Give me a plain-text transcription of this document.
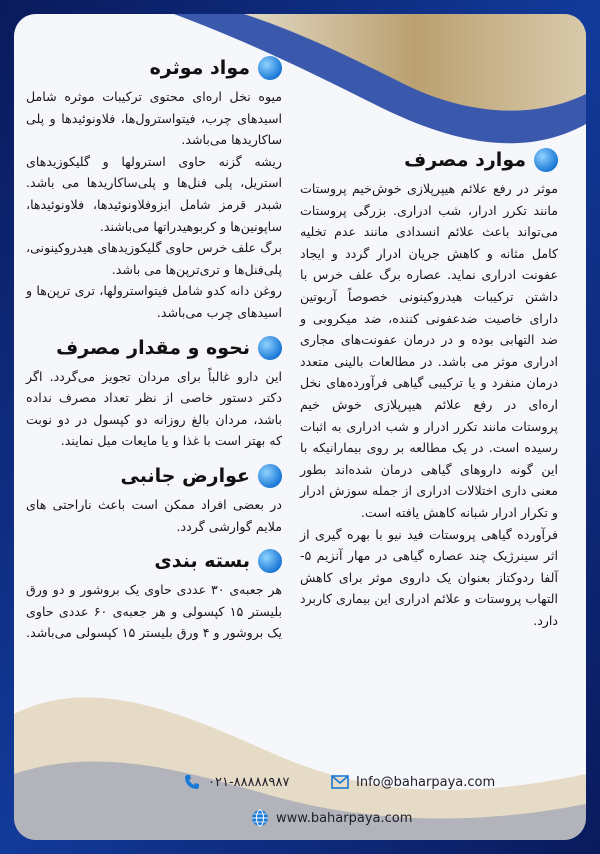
مواد موثره

میوه نخل اره‌ای محتوی ترکیبات موثره شامل اسیدهای چرب، فیتواسترول‌ها، فلاونوئیدها و پلی ساکاریدها می‌باشد.

ریشه گزنه حاوی استرولها و گلیکوزیدهای استریل، پلی فنل‌ها و پلی‌ساکاریدها می باشد. شبدر قرمز شامل ایزوفلاونوئیدها، فلاونوئیدها، ساپونین‌ها و کربوهیدراتها می‌باشند.

برگ علف خرس حاوی گلیکوزیدهای هیدروکینونی، پلی‌فنل‌ها و تری‌ترپن‌ها می باشد.

روغن دانه کدو شامل فیتواسترولها، تری ترپن‌ها و اسیدهای چرب می‌باشد.

نحوه و مقدار مصرف

این دارو غالباً برای مردان تجویز می‌گردد. اگر دکتر دستور خاصی از نظر تعداد مصرف نداده باشد، مردان بالغ روزانه دو کپسول در دو نوبت که بهتر است با غذا و یا مایعات میل نمایند.

عوارض جانبی

در بعضی افراد ممکن است باعث ناراحتی های ملایم گوارشی گردد.

بسته بندی

هر جعبه‌ی ۳۰ عددی حاوی یک بروشور و دو ورق بلیستر ۱۵ کپسولی و هر جعبه‌ی ۶۰ عددی حاوی یک بروشور و ۴ ورق بلیستر ۱۵ کپسولی می‌باشد.

موارد مصرف

موثر در رفع علائم هیپرپلازی خوش‌خیم پروستات مانند تکرر ادرار، شب ادراری. بزرگی پروستات می‌تواند باعث علائم انسدادی مانند عدم تخلیه کامل مثانه و کاهش جریان ادرار گردد و ایجاد عفونت ادراری نماید. عصاره برگ علف خرس با داشتن ترکیبات هیدروکینونی خصوصاً آربوتین دارای خاصیت ضدعفونی کننده، ضد میکروبی و ضد التهابی بوده و در درمان عفونت‌های مجاری ادراری موثر می باشد. در مطالعات بالینی متعدد درمان منفرد و یا ترکیبی گیاهی فرآورده‌های نخل اره‌ای در رفع علائم هیپرپلازی خوش خیم پروستات مانند تکرر ادرار و شب ادراری به اثبات رسیده است. در یک مطالعه بر روی بیمارانیکه با این گونه داروهای گیاهی درمان شده‌اند بطور معنی داری اختلالات ادراری از جمله سوزش ادرار و تکرار ادرار شبانه کاهش یافته است.

فرآورده گیاهی پروستات فید نیو با بهره گیری از اثر سینرژیک چند عصاره گیاهی در مهار آنزیم ۵-آلفا ردوکتاز بعنوان یک داروی موثر برای کاهش التهاب پروستات و علائم ادراری این بیماری کاربرد دارد.

۰۲۱-۸۸۸۸۸۹۸۷	Info@baharpaya.com
www.baharpaya.com
